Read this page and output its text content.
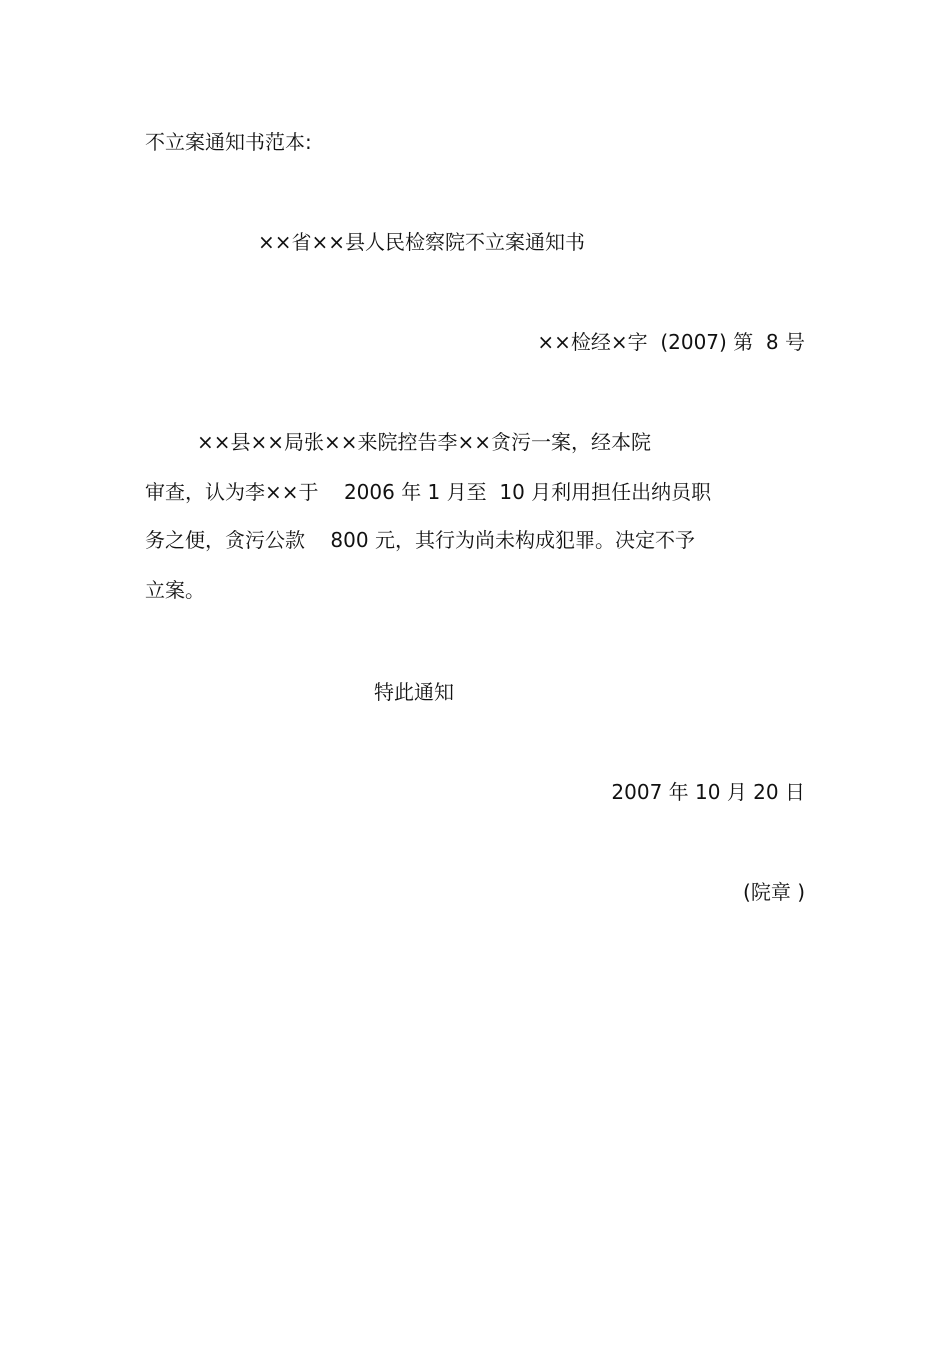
不立案通知书范本:
××省××县人民检察院不立案通知书
××检经×字  (2007) 第  8 号
××县××局张××来院控告李××贪污一案，经本院
审查，认为李××于    2006 年 1 月至  10 月利用担任出纳员职
务之便，贪污公款    800 元，其行为尚未构成犯罪。决定不予
立案。
特此通知
2007 年 10 月 20 日
(院章 )
